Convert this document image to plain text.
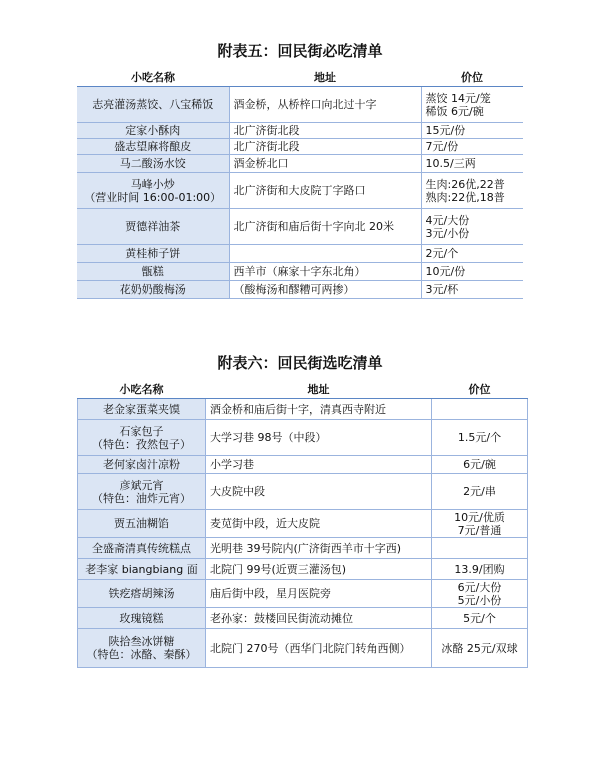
附表五：回民街必吃清单
小吃名称	地址	价位

志亮灌汤蒸饺、八宝稀饭	酒金桥，从桥梓口向北过十字	蒸饺 14元/笼
稀饭 6元/碗

定家小酥肉	北广济街北段	15元/份

盛志望麻将酿皮	北广济街北段	7元/份

马二酸汤水饺	酒金桥北口	10.5/三两

马峰小炒
（营业时间 16:00-01:00）	北广济街和大皮院丁字路口	生肉:26优,22普
熟肉:22优,18普

贾德祥油茶	北广济街和庙后街十字向北 20米	4元/大份
3元/小份

黄桂柿子饼		2元/个

甑糕	西羊市（麻家十字东北角）	10元/份

花奶奶酸梅汤	（酸梅汤和醪糟可两掺）	3元/杯
附表六：回民街选吃清单
小吃名称	地址	价位

老金家蛋菜夹馍	酒金桥和庙后街十字，清真西寺附近	

石家包子
（特色：孜然包子）	大学习巷 98号（中段）	1.5元/个

老何家卤汁凉粉	小学习巷	6元/碗

彦斌元宵
（特色：油炸元宵）	大皮院中段	2元/串

贾五油糊馅	麦苋街中段，近大皮院	10元/优质
7元/普通

全盛斋清真传统糕点	光明巷 39号院内(广济街西羊市十字西)	

老李家 biangbiang 面	北院门 99号(近贾三灌汤包)	13.9/团购

铁疙瘩胡辣汤	庙后街中段，星月医院旁	6元/大份
5元/小份

玫瑰镜糕	老孙家：鼓楼回民街流动摊位	5元/个

陕拾叁冰饼糖
（特色：冰酪、秦酥）	北院门 270号（西华门北院门转角西侧）	冰酪 25元/双球
